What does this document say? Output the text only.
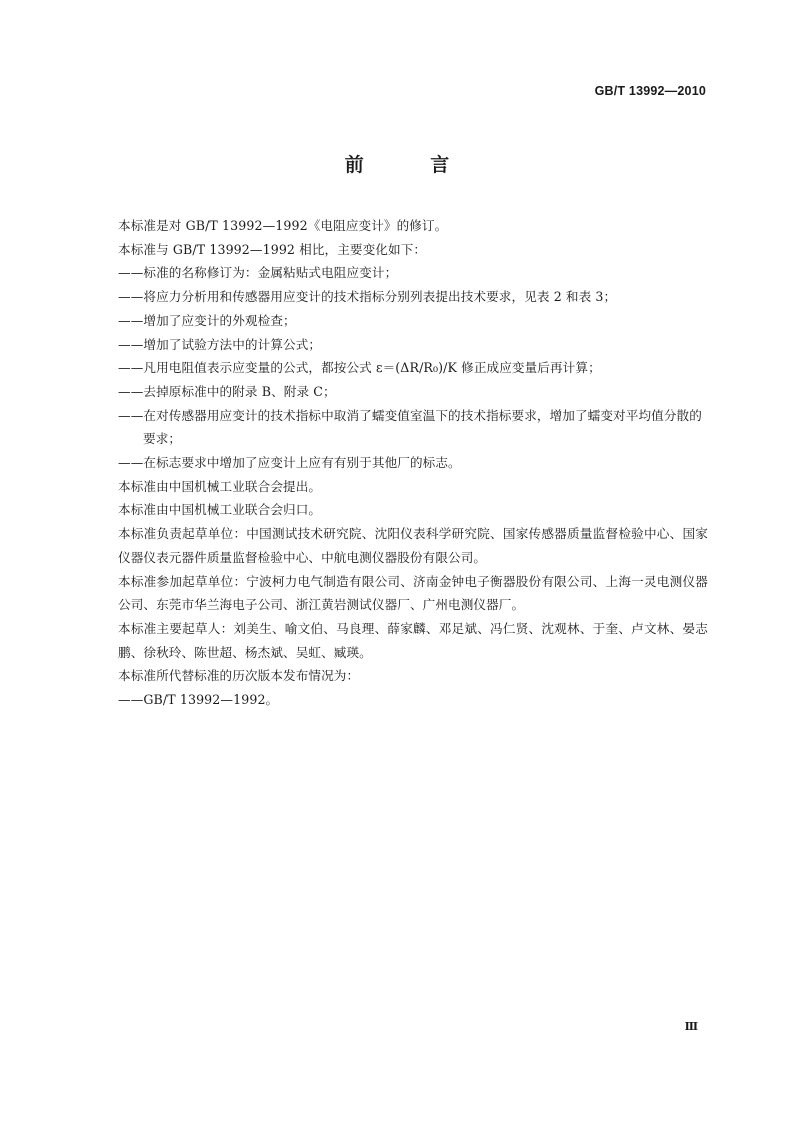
GB/T 13992—2010
前 言

本标准是对 GB/T 13992—1992《电阻应变计》的修订。

本标准与 GB/T 13992—1992 相比，主要变化如下：

——标准的名称修订为：金属粘贴式电阻应变计；

——将应力分析用和传感器用应变计的技术指标分别列表提出技术要求，见表 2 和表 3；

——增加了应变计的外观检查；

——增加了试验方法中的计算公式；

——凡用电阻值表示应变量的公式，都按公式 ε＝(ΔR/R₀)/K 修正成应变量后再计算；

——去掉原标准中的附录 B、附录 C；

——在对传感器用应变计的技术指标中取消了蠕变值室温下的技术指标要求，增加了蠕变对平均值分散的要求；

——在标志要求中增加了应变计上应有有别于其他厂的标志。

本标准由中国机械工业联合会提出。

本标准由中国机械工业联合会归口。

本标准负责起草单位：中国测试技术研究院、沈阳仪表科学研究院、国家传感器质量监督检验中心、国家仪器仪表元器件质量监督检验中心、中航电测仪器股份有限公司。

本标准参加起草单位：宁波柯力电气制造有限公司、济南金钟电子衡器股份有限公司、上海一灵电测仪器公司、东莞市华兰海电子公司、浙江黄岩测试仪器厂、广州电测仪器厂。

本标准主要起草人：刘美生、喻文伯、马良理、薛家麟、邓足斌、冯仁贤、沈观林、于奎、卢文林、晏志鹏、徐秋玲、陈世超、杨杰斌、吴虹、臧瑛。

本标准所代替标准的历次版本发布情况为：

——GB/T 13992—1992。

Ⅲ
